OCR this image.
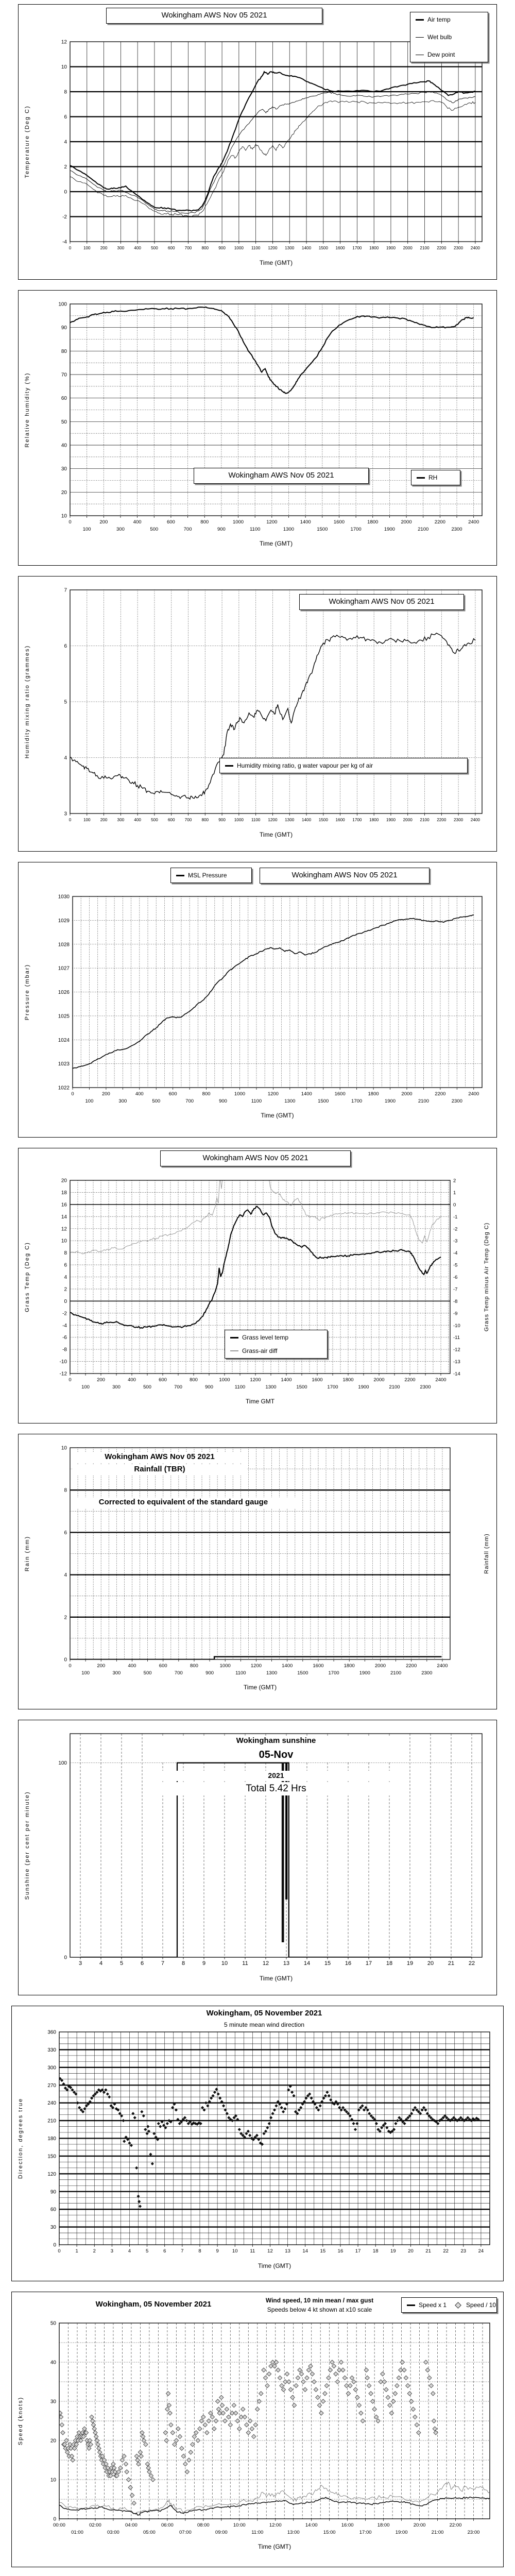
-4
-2
0
2
4
6
8
10
12
0	100 200 300 400 500 600 700 800 900 1000 1100 1200 1300 1400 1500 1600 1700 1800 1900 2000 2100 2200 2300 2400
Time (GMT)
Temperature (Deg C)
Wokingham AWS Nov 05 2021	Air temp
Wet bulb
Dew point
10
20
30
40
50
60
70
80
90
100
0
100
200
300
400
500
600
700
800
900
1000
1100
1200
1300
1400
1500
1600
1700
1800
1900
2000
2100
2200
2300
2400
Time (GMT)
Relative humidity (%)
Wokingham AWS Nov 05 2021	RH
3
4
5
6
7
0	100 200 300 400 500 600 700 800 900 1000 1100 1200 1300 1400 1500 1600 1700 1800 1900 2000 2100 2200 2300 2400
Time (GMT)
Humidity mixing ratio (grammes)
Wokingham AWS Nov 05 2021
Humidity mixing ratio, g water vapour per kg of air
1022
1023
1024
1025
1026
1027
1028
1029
1030
0
100
200
300
400
500
600
700
800
900
1000
1100
1200
1300
1400
1500
1600
1700
1800
1900
2000
2100
2200
2300
2400
Time (GMT)
Pressure (mbar)
Wokingham AWS Nov 05 2021
MSL Pressure
-12
-10
-8
-6
-4
-2
0
2
4
6
8
10
12
14
16
18
20
-14
-13
-12
-11
-10
-9
-8
-7
-6
-5
-4
-3
-2
-1
0
1
2
0
100
200
300
400
500
600
700
800
900
1000
1100
1200
1300
1400
1500
1600
1700
1800
1900
2000
2100
2200
2300
2400
Time GMT
Grass Temp (Deg C)	Grass Temp minus Air Temp (Deg C)
Wokingham AWS Nov 05 2021
Grass level temp
Grass-air diff
0
2
4
6
8
10
0
100
200
300
400
500
600
700
800
900
1000
1100
1200
1300
1400
1500
1600
1700
1800
1900
2000
2100
2200
2300
2400
Time (GMT)
Rain (mm)	Rainfall (mm)
Wokingham AWS Nov 05 2021
Rainfall (TBR)
Corrected to equivalent of the standard gauge
0
100
3	4	5	6	7	8	9	10	11	12	13	14	15	16	17	18	19	20	21	22
Time (GMT)
Sunshine (per cent per minute)
Wokingham sunshine
05-Nov
2021
Total 5.42 Hrs
0
30
60
90
120
150
180
210
240
270
300
330
360
0	1	2	3	4	5	6	7	8	9	10	11	12 13 14 15 16 17 18 19 20 21 22 23 24
Time (GMT)
Direction, degrees true
Wokingham, 05 November 2021
5 minute mean wind direction
0
10
20
30
40
50
00:00
01:00
02:00
03:00
04:00
05:00
06:00
07:00
08:00
09:00
10:00
11:00
12:00
13:00
14:00
15:00
16:00
17:00
18:00
19:00
20:00
21:00
22:00
23:00
Time (GMT)
Speed (knots)
Wokingham, 05 November 2021	Wind speed, 10 min mean / max gust
Speeds below 4 kt shown at x10 scale
Speed x 1	Speed / 10
